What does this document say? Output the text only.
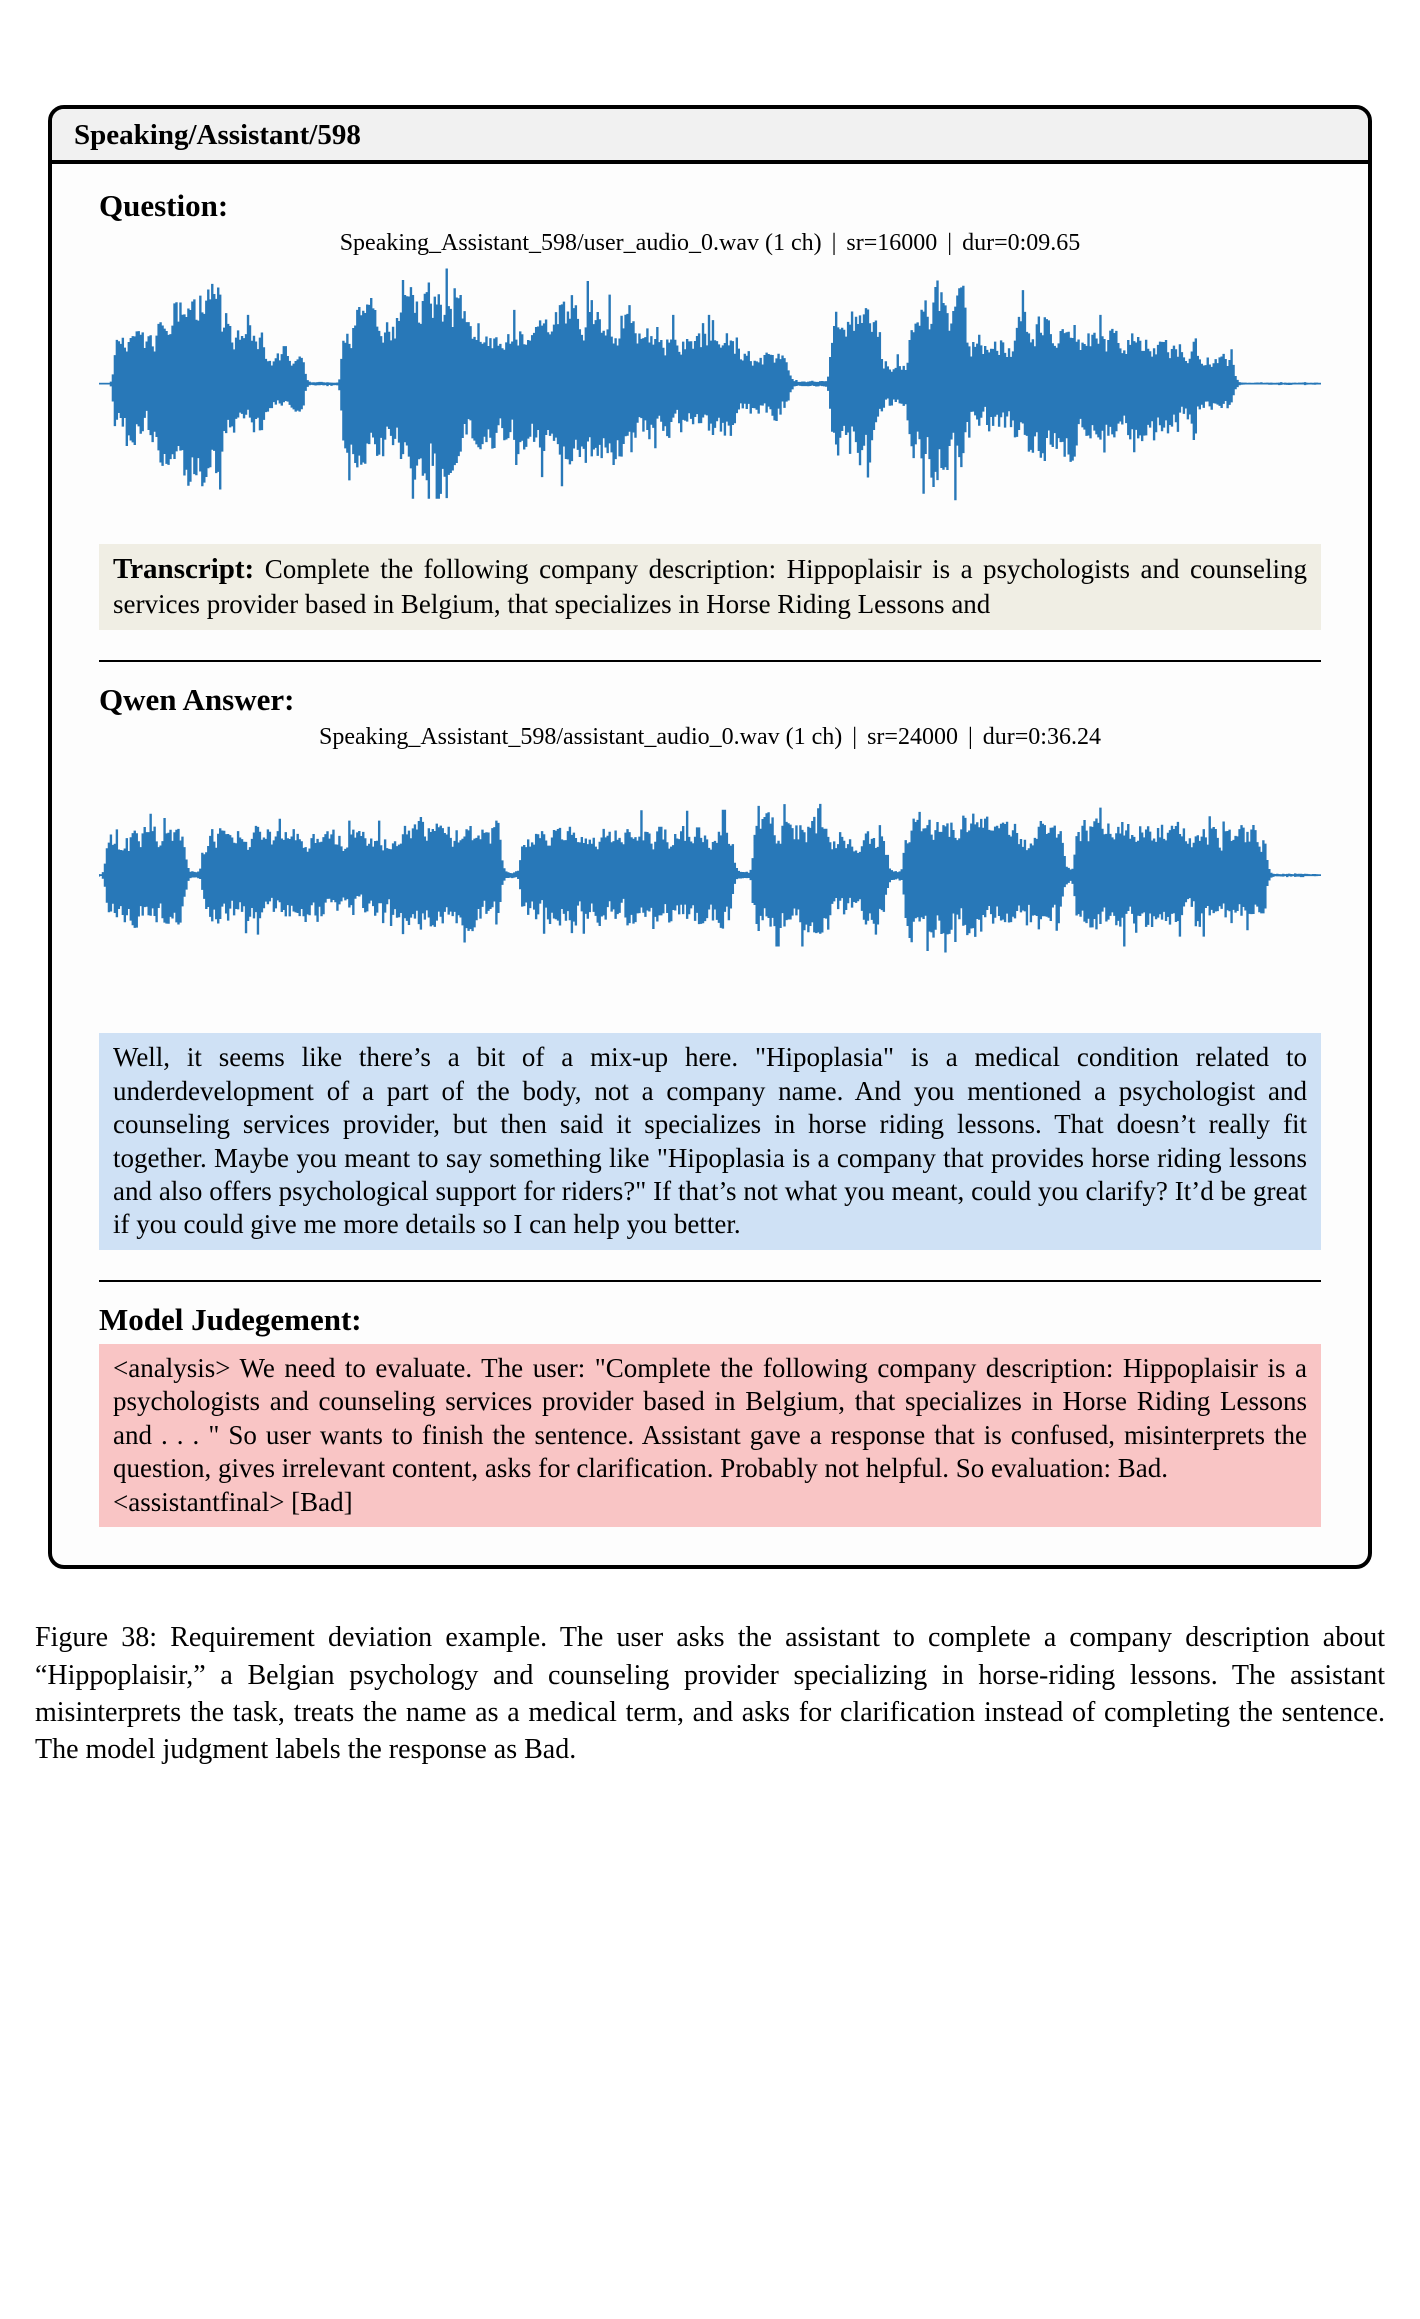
Speaking/Assistant/598
Question:
Speaking_Assistant_598/user_audio_0.wav (1 ch) | sr=16000 | dur=0:09.65
Transcript: Complete the following company description: Hippoplaisir is a psychologists and counseling services provider based in Belgium, that specializes in Horse Riding Lessons and
Qwen Answer:
Speaking_Assistant_598/assistant_audio_0.wav (1 ch) | sr=24000 | dur=0:36.24
Well, it seems like there’s a bit of a mix-up here. "Hipoplasia" is a medical condition related to underdevelopment of a part of the body, not a company name. And you mentioned a psychologist and counseling services provider, but then said it specializes in horse riding lessons. That doesn’t really fit together. Maybe you meant to say something like "Hipoplasia is a company that provides horse riding lessons and also offers psychological support for riders?" If that’s not what you meant, could you clarify? It’d be great if you could give me more details so I can help you better.
Model Judegement:
<analysis> We need to evaluate. The user: "Complete the following company description: Hippoplaisir is a psychologists and counseling services provider based in Belgium, that specializes in Horse Riding Lessons and . . . " So user wants to finish the sentence. Assistant gave a response that is confused, misinterprets the question, gives irrelevant content, asks for clarification. Probably not helpful. So evaluation: Bad.
<assistantfinal> [Bad]
Figure 38: Requirement deviation example. The user asks the assistant to complete a company description about “Hippoplaisir,” a Belgian psychology and counseling provider specializing in horse-riding lessons. The assistant misinterprets the task, treats the name as a medical term, and asks for clarification instead of completing the sentence. The model judgment labels the response as Bad.
